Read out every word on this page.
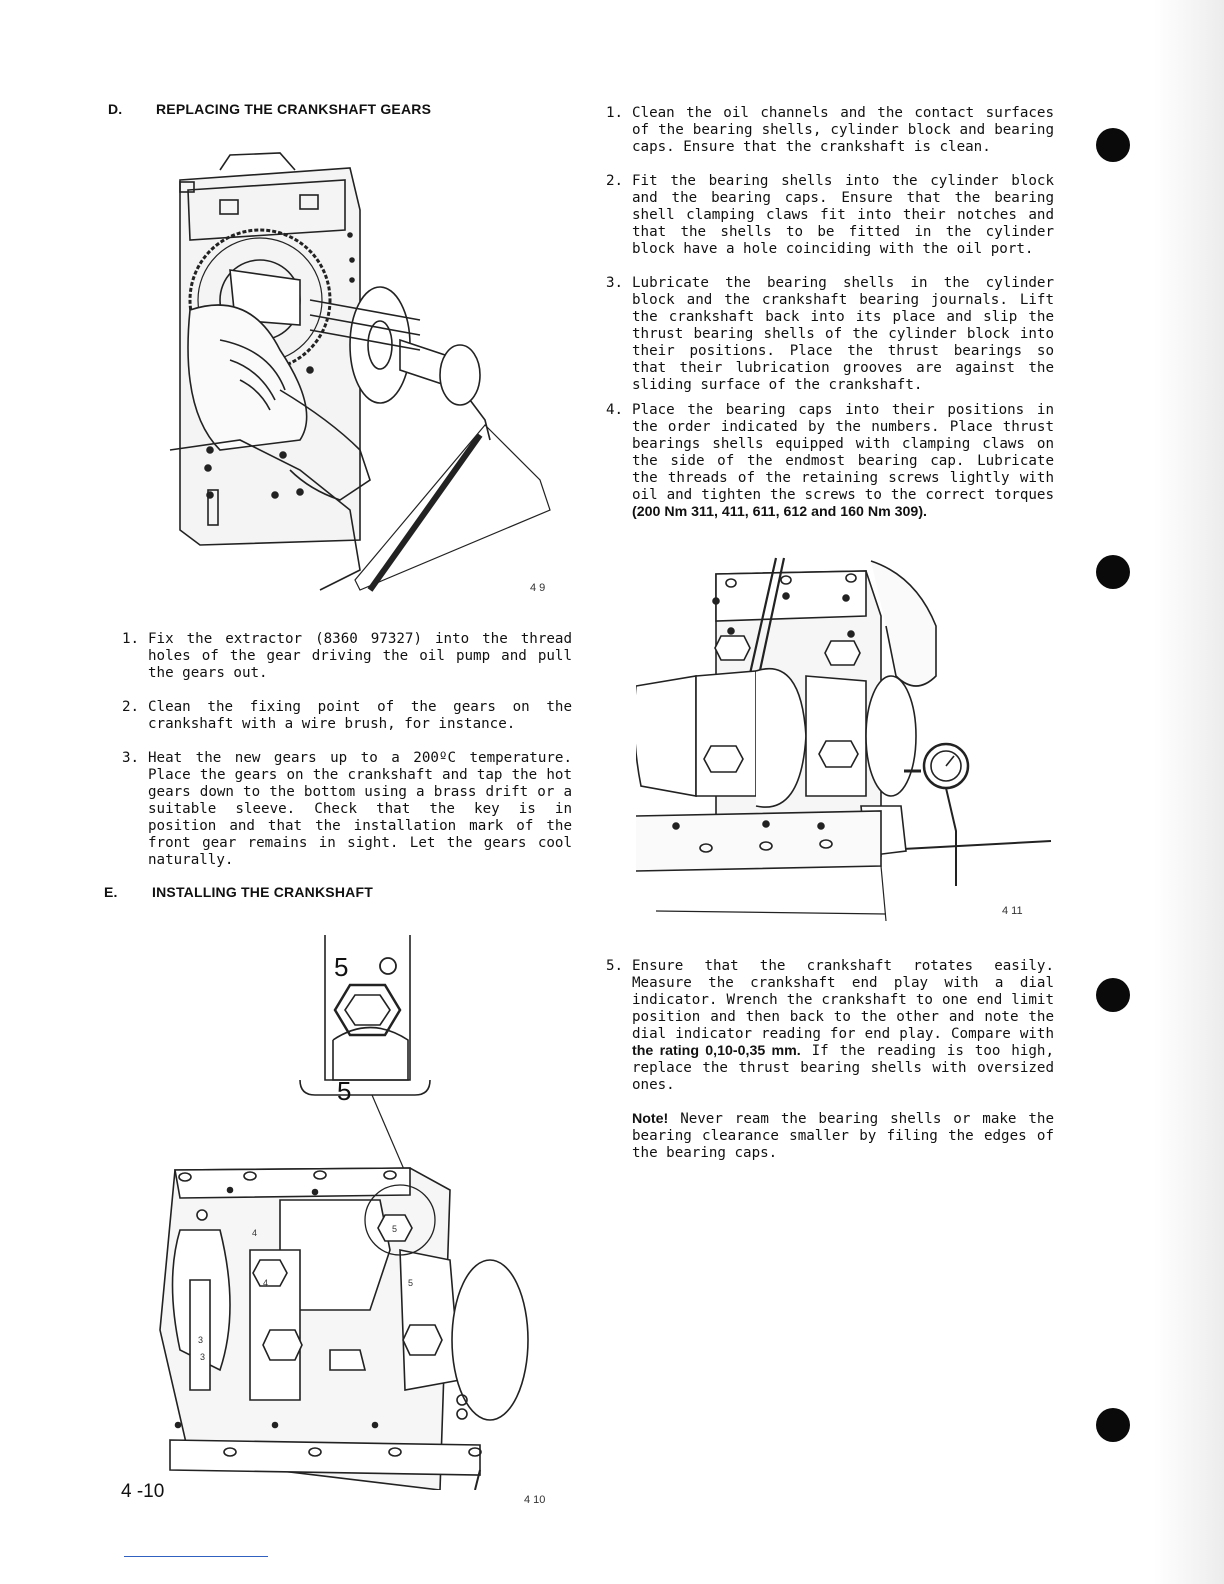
D. REPLACING THE CRANKSHAFT GEARS
4 9
1. Fix the extractor (8360 97327) into the thread holes of the gear driving the oil pump and pull the gears out.
2. Clean the fixing point of the gears on the crankshaft with a wire brush, for instance.
3. Heat the new gears up to a 200ºC temperature. Place the gears on the crankshaft and tap the hot gears down to the bottom using a brass drift or a suitable sleeve. Check that the key is in position and that the installation mark of the front gear remains in sight. Let the gears cool naturally.
E. INSTALLING THE CRANKSHAFT
5
5
4
4
5
5
3
3
4 10
4 -10
1. Clean the oil channels and the contact surfaces of the bearing shells, cylinder block and bearing caps. Ensure that the crankshaft is clean.
2. Fit the bearing shells into the cylinder block and the bearing caps. Ensure that the bearing shell clamping claws fit into their notches and that the shells to be fitted in the cylinder block have a hole coinciding with the oil port.
3. Lubricate the bearing shells in the cylinder block and the crankshaft bearing journals. Lift the crankshaft back into its place and slip the thrust bearing shells of the cylinder block into their positions. Place the thrust bearings so that their lubrication grooves are against the sliding surface of the crankshaft.
4. Place the bearing caps into their positions in the order indicated by the numbers. Place thrust bearings shells equipped with clamping claws on the side of the endmost bearing cap. Lubricate the threads of the retaining screws lightly with oil and tighten the screws to the correct torques (200 Nm 311, 411, 611, 612 and 160 Nm 309).
4 11
5. Ensure that the crankshaft rotates easily. Measure the crankshaft end play with a dial indicator. Wrench the crankshaft to one end limit position and then back to the other and note the dial indicator reading for end play. Compare with the rating 0,10-0,35 mm. If the reading is too high, replace the thrust bearing shells with oversized ones.
Note! Never ream the bearing shells or make the bearing clearance smaller by filing the edges of the bearing caps.
